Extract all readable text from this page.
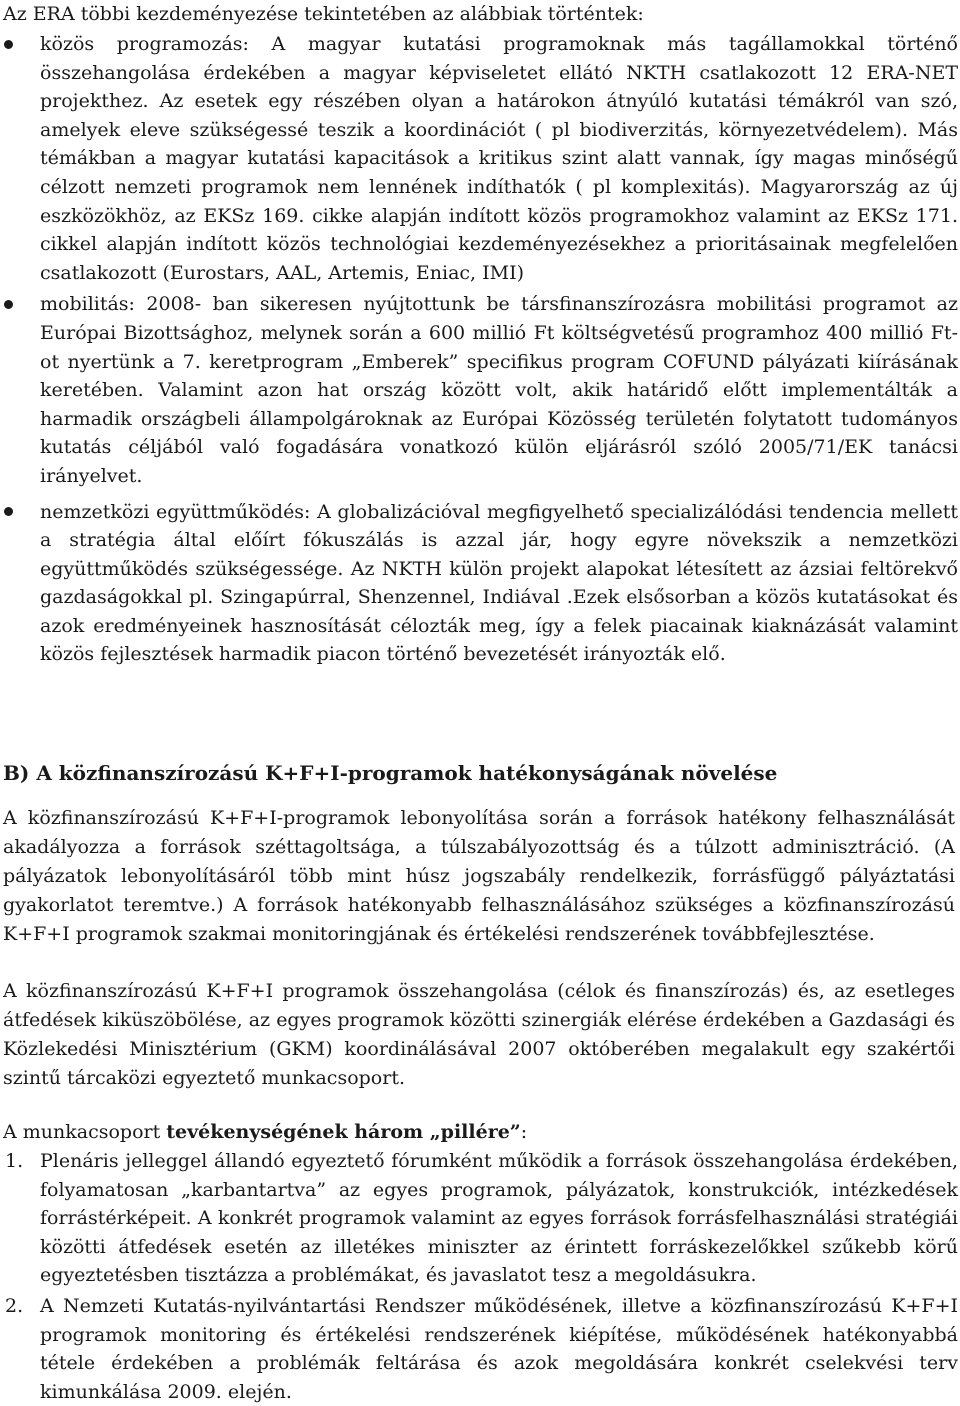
Az ERA többi kezdeményezése tekintetében az alábbiak történtek:

közös programozás: A magyar kutatási programoknak más tagállamokkal történő összehangolása érdekében a magyar képviseletet ellátó NKTH csatlakozott 12 ERA-NET projekthez. Az esetek egy részében olyan a határokon átnyúló kutatási témákról van szó, amelyek eleve szükségessé teszik a koordinációt ( pl biodiverzitás, környezetvédelem). Más témákban a magyar kutatási kapacitások a kritikus szint alatt vannak, így magas minőségű célzott nemzeti programok nem lennének indíthatók ( pl komplexitás). Magyarország az új eszközökhöz, az EKSz 169. cikke alapján indított közös programokhoz valamint az EKSz 171. cikkel alapján indított közös technológiai kezdeményezésekhez a prioritásainak megfelelően csatlakozott (Eurostars, AAL, Artemis, Eniac, IMI)

mobilitás: 2008- ban sikeresen nyújtottunk be társfinanszírozásra mobilitási programot az Európai Bizottsághoz, melynek során a 600 millió Ft költségvetésű programhoz 400 millió Ft-ot nyertünk a 7. keretprogram „Emberek” specifikus program COFUND pályázati kiírásának keretében. Valamint azon hat ország között volt, akik határidő előtt implementálták a harmadik országbeli állampolgároknak az Európai Közösség területén folytatott tudományos kutatás céljából való fogadására vonatkozó külön eljárásról szóló 2005/71/EK tanácsi irányelvet.

nemzetközi együttműködés: A globalizációval megfigyelhető specializálódási tendencia mellett a stratégia által előírt fókuszálás is azzal jár, hogy egyre növekszik a nemzetközi együttműködés szükségessége. Az NKTH külön projekt alapokat létesített az ázsiai feltörekvő gazdaságokkal pl. Szingapúrral, Shenzennel, Indiával .Ezek elsősorban a közös kutatásokat és azok eredményeinek hasznosítását célozták meg, így a felek piacainak kiaknázását valamint közös fejlesztések harmadik piacon történő bevezetését irányozták elő.

B) A közfinanszírozású K+F+I-programok hatékonyságának növelése

A közfinanszírozású K+F+I-programok lebonyolítása során a források hatékony felhasználását akadályozza a források széttagoltsága, a túlszabályozottság és a túlzott adminisztráció. (A pályázatok lebonyolításáról több mint húsz jogszabály rendelkezik, forrásfüggő pályáztatási gyakorlatot teremtve.) A források hatékonyabb felhasználásához szükséges a közfinanszírozású K+F+I programok szakmai monitoringjának és értékelési rendszerének továbbfejlesztése.

A közfinanszírozású K+F+I programok összehangolása (célok és finanszírozás) és, az esetleges átfedések kiküszöbölése, az egyes programok közötti szinergiák elérése érdekében a Gazdasági és Közlekedési Minisztérium (GKM) koordinálásával 2007 októberében megalakult egy szakértői szintű tárcaközi egyeztető munkacsoport.

A munkacsoport tevékenységének három „pillére”:

1. Plenáris jelleggel állandó egyeztető fórumként működik a források összehangolása érdekében, folyamatosan „karbantartva” az egyes programok, pályázatok, konstrukciók, intézkedések forrástérképeit. A konkrét programok valamint az egyes források forrásfelhasználási stratégiái közötti átfedések esetén az illetékes miniszter az érintett forráskezelőkkel szűkebb körű egyeztetésben tisztázza a problémákat, és javaslatot tesz a megoldásukra.

2. A Nemzeti Kutatás-nyilvántartási Rendszer működésének, illetve a közfinanszírozású K+F+I programok monitoring és értékelési rendszerének kiépítése, működésének hatékonyabbá tétele érdekében a problémák feltárása és azok megoldására konkrét cselekvési terv kimunkálása 2009. elején.
